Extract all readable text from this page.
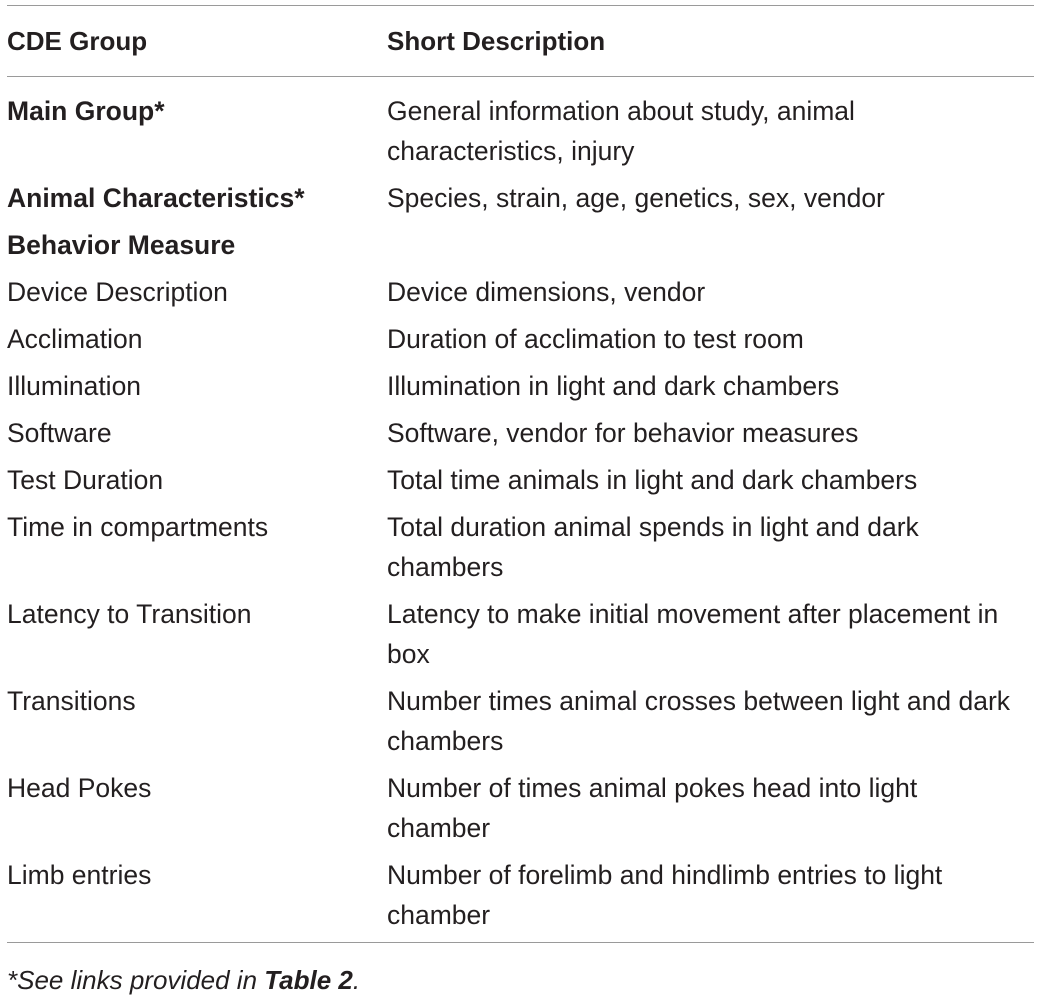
CDE Group	Short Description
Main Group*	General information about study, animal characteristics, injury
Animal Characteristics*	Species, strain, age, genetics, sex, vendor
Behavior Measure
Device Description	Device dimensions, vendor
Acclimation	Duration of acclimation to test room
Illumination	Illumination in light and dark chambers
Software	Software, vendor for behavior measures
Test Duration	Total time animals in light and dark chambers
Time in compartments	Total duration animal spends in light and dark chambers
Latency to Transition	Latency to make initial movement after placement in box
Transitions	Number times animal crosses between light and dark chambers
Head Pokes	Number of times animal pokes head into light chamber
Limb entries	Number of forelimb and hindlimb entries to light chamber
*See links provided in Table 2.
